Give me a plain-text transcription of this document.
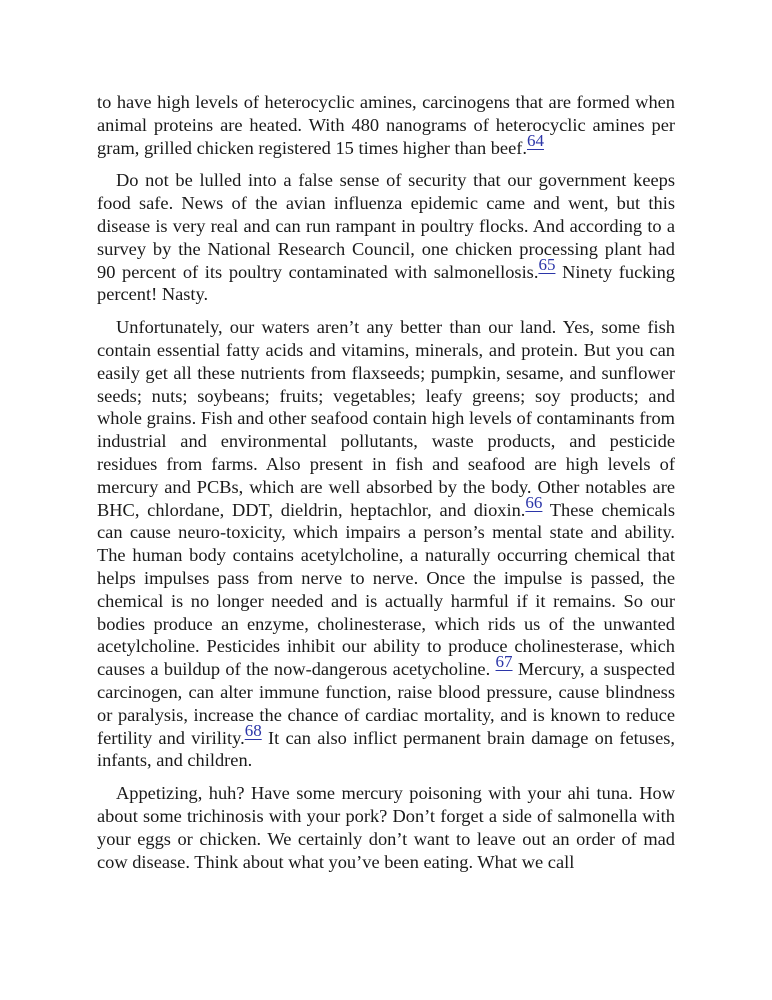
to have high levels of heterocyclic amines, carcinogens that are formed when animal proteins are heated. With 480 nanograms of heterocyclic amines per gram, grilled chicken registered 15 times higher than beef.64

Do not be lulled into a false sense of security that our government keeps food safe. News of the avian influenza epidemic came and went, but this disease is very real and can run rampant in poultry flocks. And according to a survey by the National Research Council, one chicken processing plant had 90 percent of its poultry contaminated with salmonellosis.65 Ninety fucking percent! Nasty.

Unfortunately, our waters aren’t any better than our land. Yes, some fish contain essential fatty acids and vitamins, minerals, and protein. But you can easily get all these nutrients from flaxseeds; pumpkin, sesame, and sunflower seeds; nuts; soybeans; fruits; vegetables; leafy greens; soy products; and whole grains. Fish and other seafood contain high levels of contaminants from industrial and environmental pollutants, waste products, and pesticide residues from farms. Also present in fish and seafood are high levels of mercury and PCBs, which are well absorbed by the body. Other notables are BHC, chlordane, DDT, dieldrin, heptachlor, and dioxin.66 These chemicals can cause neuro-toxicity, which impairs a person’s mental state and ability. The human body contains acetylcholine, a naturally occurring chemical that helps impulses pass from nerve to nerve. Once the impulse is passed, the chemical is no longer needed and is actually harmful if it remains. So our bodies produce an enzyme, cholinesterase, which rids us of the unwanted acetylcholine. Pesticides inhibit our ability to produce cholinesterase, which causes a buildup of the now-dangerous acetycholine. 67 Mercury, a suspected carcinogen, can alter immune function, raise blood pressure, cause blindness or paralysis, increase the chance of cardiac mortality, and is known to reduce fertility and virility.68 It can also inflict permanent brain damage on fetuses, infants, and children.

Appetizing, huh? Have some mercury poisoning with your ahi tuna. How about some trichinosis with your pork? Don’t forget a side of salmonella with your eggs or chicken. We certainly don’t want to leave out an order of mad cow disease. Think about what you’ve been eating. What we call
